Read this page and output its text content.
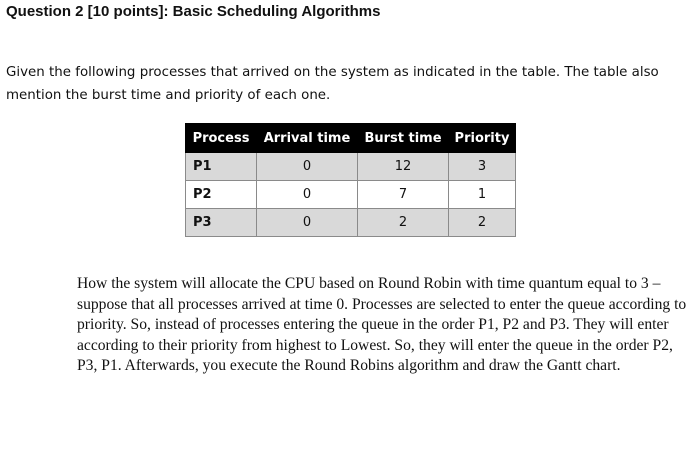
Question 2 [10 points]: Basic Scheduling Algorithms

Given the following processes that arrived on the system as indicated in the table. The table also mention the burst time and priority of each one.

Process	Arrival time	Burst time	Priority
P1	0	12	3
P2	0	7	1
P3	0	2	2

How the system will allocate the CPU based on Round Robin with time quantum equal to 3 – suppose that all processes arrived at time 0. Processes are selected to enter the queue according to priority. So, instead of processes entering the queue in the order P1, P2 and P3. They will enter according to their priority from highest to Lowest. So, they will enter the queue in the order P2, P3, P1. Afterwards, you execute the Round Robins algorithm and draw the Gantt chart.
